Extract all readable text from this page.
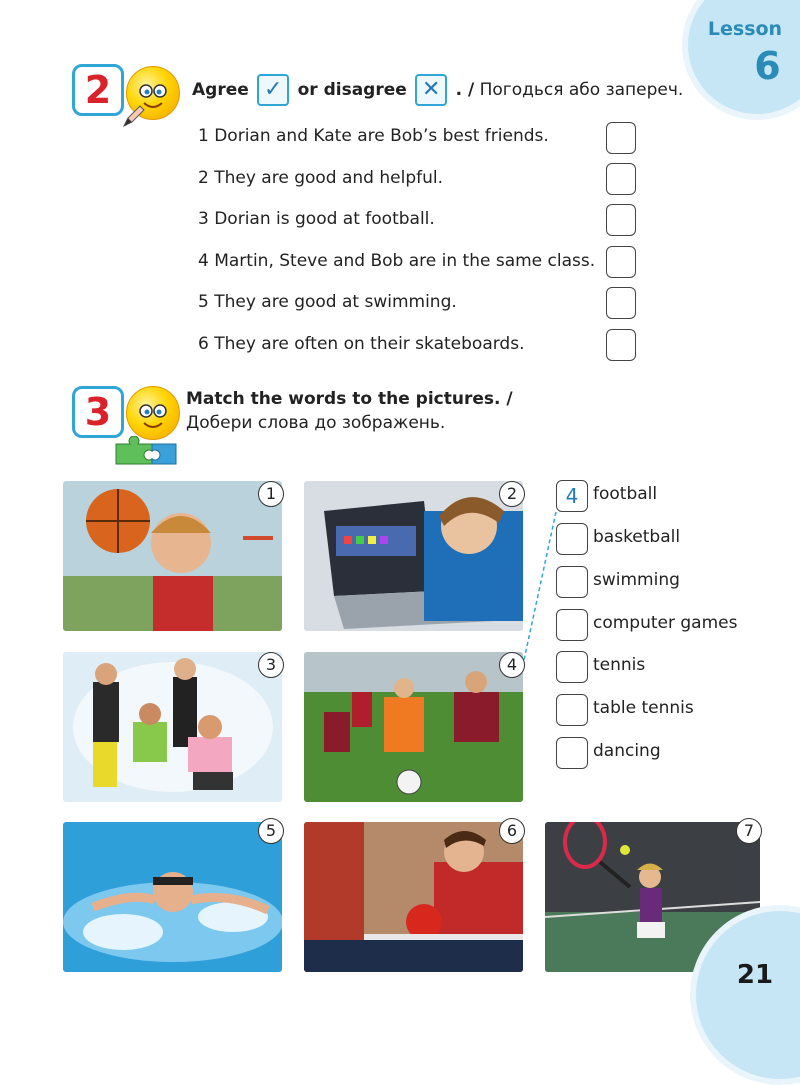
Lesson
6
2	Agree ✓ or disagree ✕ . / Погодься або запереч.
1 Dorian and Kate are Bob’s best friends.
2 They are good and helpful.
3 Dorian is good at football.
4 Martin, Steve and Bob are in the same class.
5 They are good at swimming.
6 They are often on their skateboards.
3	Match the words to the pictures. /
Добери слова до зображень.
1	2
3	4
5	6	7
4 football
basketball
swimming
computer games
tennis
table tennis
dancing
21
